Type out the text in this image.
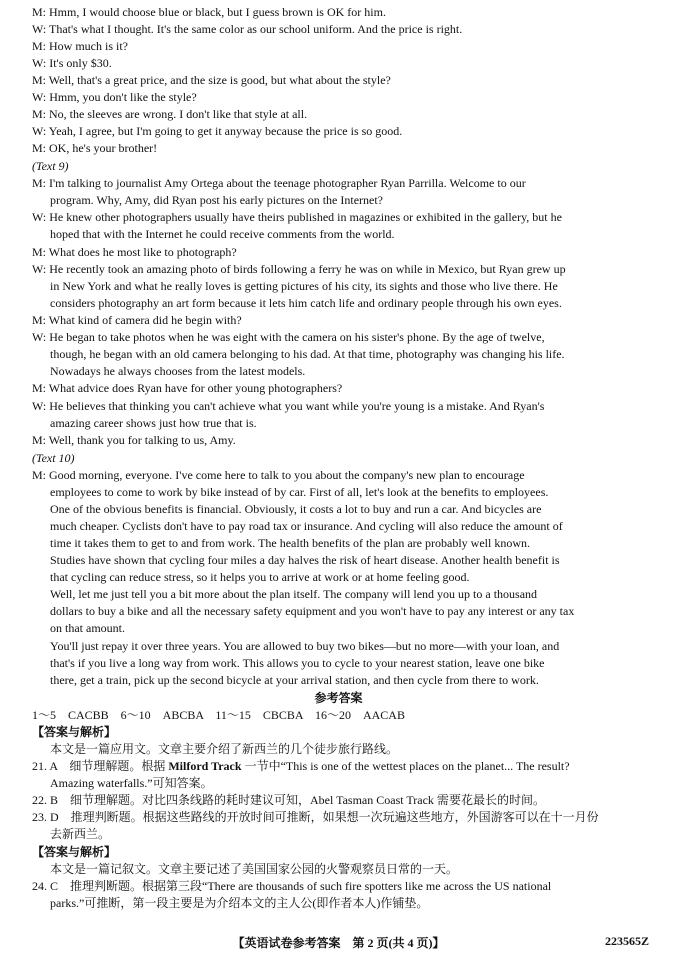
M: Hmm, I would choose blue or black, but I guess brown is OK for him.
W: That's what I thought. It's the same color as our school uniform. And the price is right.
M: How much is it?
W: It's only $30.
M: Well, that's a great price, and the size is good, but what about the style?
W: Hmm, you don't like the style?
M: No, the sleeves are wrong. I don't like that style at all.
W: Yeah, I agree, but I'm going to get it anyway because the price is so good.
M: OK, he's your brother!
(Text 9)
M: I'm talking to journalist Amy Ortega about the teenage photographer Ryan Parrilla. Welcome to our
program. Why, Amy, did Ryan post his early pictures on the Internet?
W: He knew other photographers usually have theirs published in magazines or exhibited in the gallery, but he
hoped that with the Internet he could receive comments from the world.
M: What does he most like to photograph?
W: He recently took an amazing photo of birds following a ferry he was on while in Mexico, but Ryan grew up
in New York and what he really loves is getting pictures of his city, its sights and those who live there. He
considers photography an art form because it lets him catch life and ordinary people through his own eyes.
M: What kind of camera did he begin with?
W: He began to take photos when he was eight with the camera on his sister's phone. By the age of twelve,
though, he began with an old camera belonging to his dad. At that time, photography was changing his life.
Nowadays he always chooses from the latest models.
M: What advice does Ryan have for other young photographers?
W: He believes that thinking you can't achieve what you want while you're young is a mistake. And Ryan's
amazing career shows just how true that is.
M: Well, thank you for talking to us, Amy.
(Text 10)
M: Good morning, everyone. I've come here to talk to you about the company's new plan to encourage
employees to come to work by bike instead of by car. First of all, let's look at the benefits to employees.
One of the obvious benefits is financial. Obviously, it costs a lot to buy and run a car. And bicycles are
much cheaper. Cyclists don't have to pay road tax or insurance. And cycling will also reduce the amount of
time it takes them to get to and from work. The health benefits of the plan are probably well known.
Studies have shown that cycling four miles a day halves the risk of heart disease. Another health benefit is
that cycling can reduce stress, so it helps you to arrive at work or at home feeling good.
Well, let me just tell you a bit more about the plan itself. The company will lend you up to a thousand
dollars to buy a bike and all the necessary safety equipment and you won't have to pay any interest or any tax
on that amount.
You'll just repay it over three years. You are allowed to buy two bikes—but no more—with your loan, and
that's if you live a long way from work. This allows you to cycle to your nearest station, leave one bike
there, get a train, pick up the second bicycle at your arrival station, and then cycle from there to work.
参考答案
1～5　CACBB　6～10　ABCBA　11～15　CBCBA　16～20　AACAB
【答案与解析】
本文是一篇应用文。文章主要介绍了新西兰的几个徒步旅行路线。
21. A　细节理解题。根据 Milford Track 一节中“This is one of the wettest places on the planet... The result?
Amazing waterfalls.”可知答案。
22. B　细节理解题。对比四条线路的耗时建议可知，Abel Tasman Coast Track 需要花最长的时间。
23. D　推理判断题。根据这些路线的开放时间可推断，如果想一次玩遍这些地方，外国游客可以在十一月份
去新西兰。
【答案与解析】
本文是一篇记叙文。文章主要记述了美国国家公园的火警观察员日常的一天。
24. C　推理判断题。根据第三段“There are thousands of such fire spotters like me across the US national
parks.”可推断，第一段主要是为介绍本文的主人公(即作者本人)作铺垫。
【英语试卷参考答案　第 2 页(共 4 页)】	223565Z
